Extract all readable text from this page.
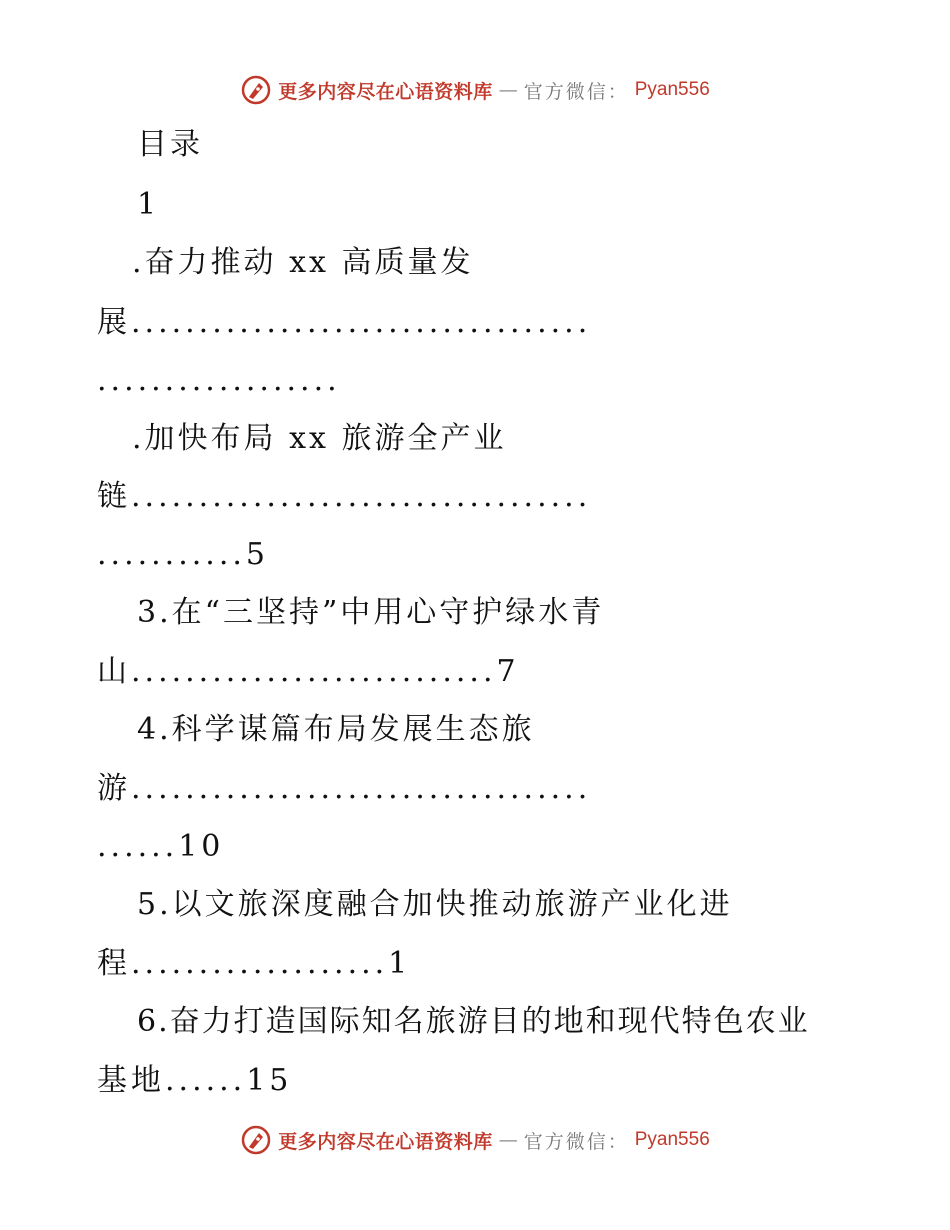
更多内容尽在心语资料库 — 官方微信： Pyan556
目录
1
.奋力推动 xx 高质量发
展..................................
..................
.加快布局 xx 旅游全产业
链..................................
...........5
3.在“三坚持”中用心守护绿水青
山...........................7
4.科学谋篇布局发展生态旅
游..................................
......10
5.以文旅深度融合加快推动旅游产业化进
程...................1
6.奋力打造国际知名旅游目的地和现代特色农业
基地......15
更多内容尽在心语资料库 — 官方微信： Pyan556
